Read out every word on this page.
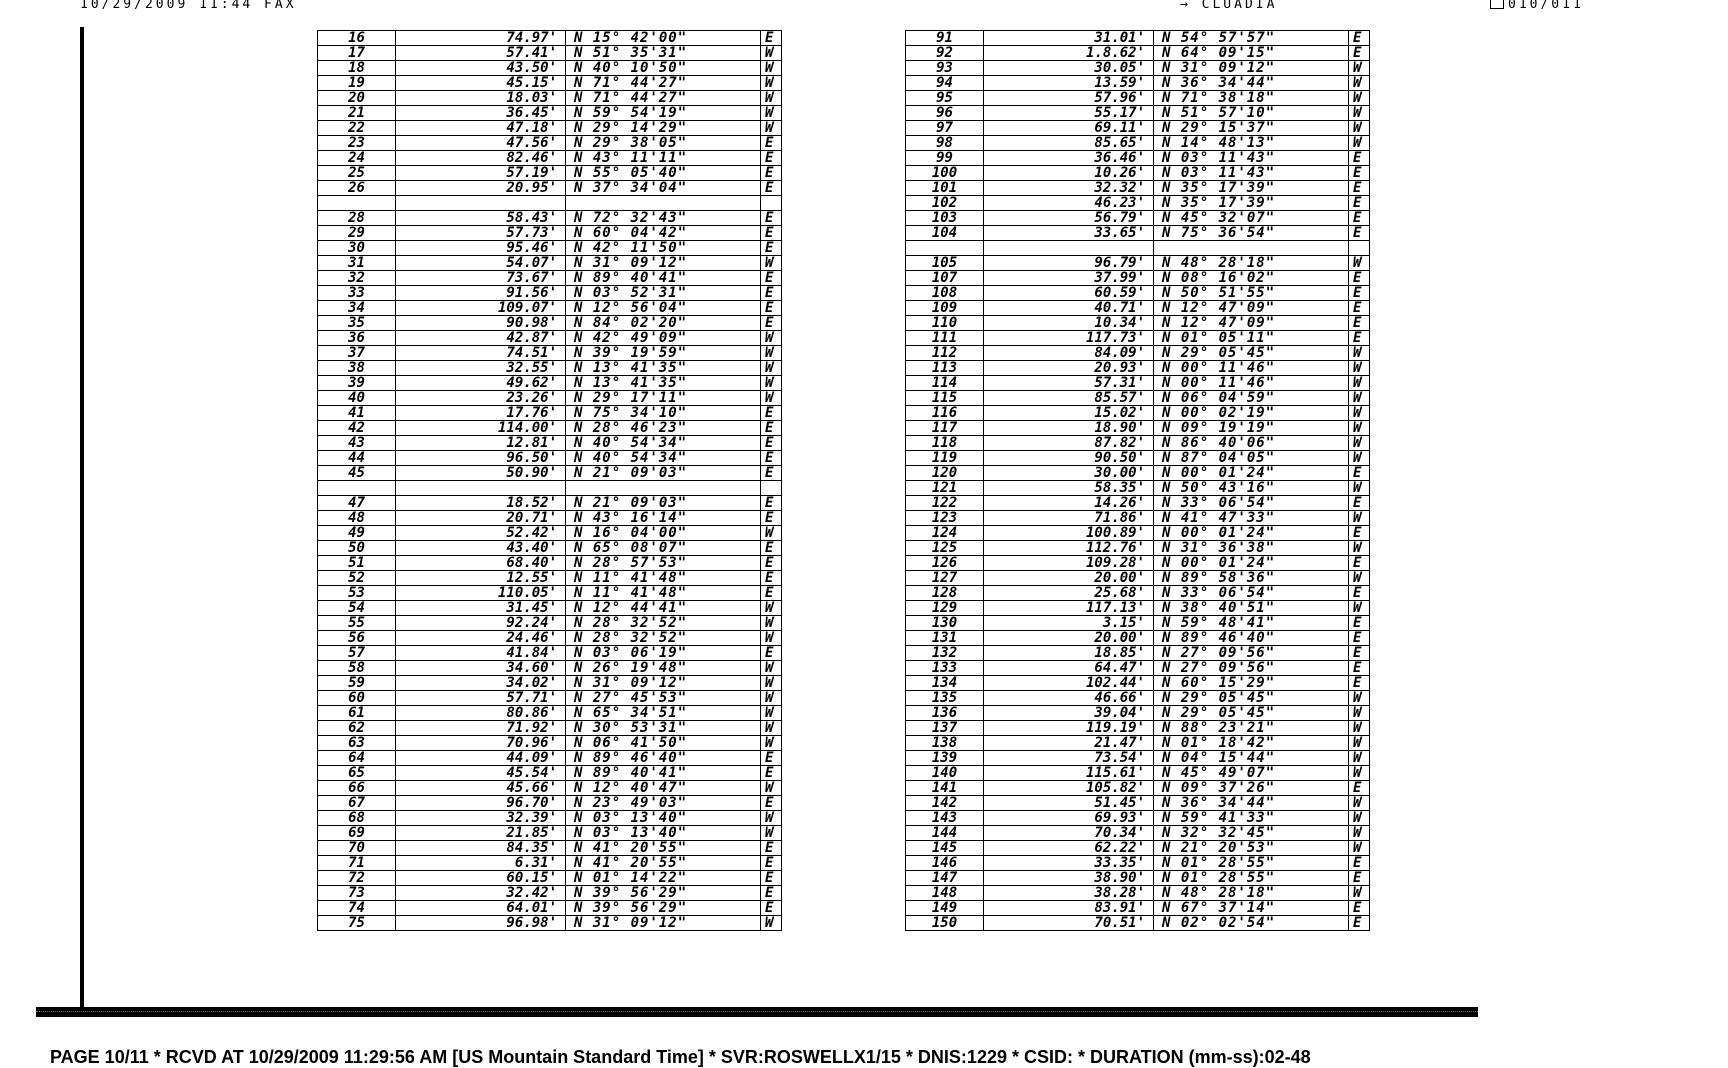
10/29/2009 11:44 FAX	→ CLUADIA	010/011
16	74.97'	N 15° 42'00"	E
17	57.41'	N 51° 35'31"	W
18	43.50'	N 40° 10'50"	W
19	45.15'	N 71° 44'27"	W
20	18.03'	N 71° 44'27"	W
21	36.45'	N 59° 54'19"	W
22	47.18'	N 29° 14'29"	W
23	47.56'	N 29° 38'05"	E
24	82.46'	N 43° 11'11"	E
25	57.19'	N 55° 05'40"	E
26	20.95'	N 37° 34'04"	E

28	58.43'	N 72° 32'43"	E
29	57.73'	N 60° 04'42"	E
30	95.46'	N 42° 11'50"	E
31	54.07'	N 31° 09'12"	W
32	73.67'	N 89° 40'41"	E
33	91.56'	N 03° 52'31"	E
34	109.07'	N 12° 56'04"	E
35	90.98'	N 84° 02'20"	E
36	42.87'	N 42° 49'09"	W
37	74.51'	N 39° 19'59"	W
38	32.55'	N 13° 41'35"	W
39	49.62'	N 13° 41'35"	W
40	23.26'	N 29° 17'11"	W
41	17.76'	N 75° 34'10"	E
42	114.00'	N 28° 46'23"	E
43	12.81'	N 40° 54'34"	E
44	96.50'	N 40° 54'34"	E
45	50.90'	N 21° 09'03"	E

47	18.52'	N 21° 09'03"	E
48	20.71'	N 43° 16'14"	E
49	52.42'	N 16° 04'00"	W
50	43.40'	N 65° 08'07"	E
51	68.40'	N 28° 57'53"	E
52	12.55'	N 11° 41'48"	E
53	110.05'	N 11° 41'48"	E
54	31.45'	N 12° 44'41"	W
55	92.24'	N 28° 32'52"	W
56	24.46'	N 28° 32'52"	W
57	41.84'	N 03° 06'19"	E
58	34.60'	N 26° 19'48"	W
59	34.02'	N 31° 09'12"	W
60	57.71'	N 27° 45'53"	W
61	80.86'	N 65° 34'51"	W
62	71.92'	N 30° 53'31"	W
63	70.96'	N 06° 41'50"	W
64	44.09'	N 89° 46'40"	E
65	45.54'	N 89° 40'41"	E
66	45.66'	N 12° 40'47"	W
67	96.70'	N 23° 49'03"	E
68	32.39'	N 03° 13'40"	W
69	21.85'	N 03° 13'40"	W
70	84.35'	N 41° 20'55"	E
71	6.31'	N 41° 20'55"	E
72	60.15'	N 01° 14'22"	E
73	32.42'	N 39° 56'29"	E
74	64.01'	N 39° 56'29"	E
75	96.98'	N 31° 09'12"	W
91	31.01'	N 54° 57'57"	E
92	1.8.62'	N 64° 09'15"	E
93	30.05'	N 31° 09'12"	W
94	13.59'	N 36° 34'44"	W
95	57.96'	N 71° 38'18"	W
96	55.17'	N 51° 57'10"	W
97	69.11'	N 29° 15'37"	W
98	85.65'	N 14° 48'13"	W
99	36.46'	N 03° 11'43"	E
100	10.26'	N 03° 11'43"	E
101	32.32'	N 35° 17'39"	E
102	46.23'	N 35° 17'39"	E
103	56.79'	N 45° 32'07"	E
104	33.65'	N 75° 36'54"	E

105	96.79'	N 48° 28'18"	W
107	37.99'	N 08° 16'02"	E
108	60.59'	N 50° 51'55"	E
109	40.71'	N 12° 47'09"	E
110	10.34'	N 12° 47'09"	E
111	117.73'	N 01° 05'11"	E
112	84.09'	N 29° 05'45"	W
113	20.93'	N 00° 11'46"	W
114	57.31'	N 00° 11'46"	W
115	85.57'	N 06° 04'59"	W
116	15.02'	N 00° 02'19"	W
117	18.90'	N 09° 19'19"	W
118	87.82'	N 86° 40'06"	W
119	90.50'	N 87° 04'05"	W
120	30.00'	N 00° 01'24"	E
121	58.35'	N 50° 43'16"	W
122	14.26'	N 33° 06'54"	E
123	71.86'	N 41° 47'33"	W
124	100.89'	N 00° 01'24"	E
125	112.76'	N 31° 36'38"	W
126	109.28'	N 00° 01'24"	E
127	20.00'	N 89° 58'36"	W
128	25.68'	N 33° 06'54"	E
129	117.13'	N 38° 40'51"	W
130	3.15'	N 59° 48'41"	E
131	20.00'	N 89° 46'40"	E
132	18.85'	N 27° 09'56"	E
133	64.47'	N 27° 09'56"	E
134	102.44'	N 60° 15'29"	E
135	46.66'	N 29° 05'45"	W
136	39.04'	N 29° 05'45"	W
137	119.19'	N 88° 23'21"	W
138	21.47'	N 01° 18'42"	W
139	73.54'	N 04° 15'44"	W
140	115.61'	N 45° 49'07"	W
141	105.82'	N 09° 37'26"	E
142	51.45'	N 36° 34'44"	W
143	69.93'	N 59° 41'33"	W
144	70.34'	N 32° 32'45"	W
145	62.22'	N 21° 20'53"	W
146	33.35'	N 01° 28'55"	E
147	38.90'	N 01° 28'55"	E
148	38.28'	N 48° 28'18"	W
149	83.91'	N 67° 37'14"	E
150	70.51'	N 02° 02'54"	E
PAGE 10/11 * RCVD AT 10/29/2009 11:29:56 AM [US Mountain Standard Time] * SVR:ROSWELLX1/15 * DNIS:1229 * CSID: * DURATION (mm-ss):02-48
